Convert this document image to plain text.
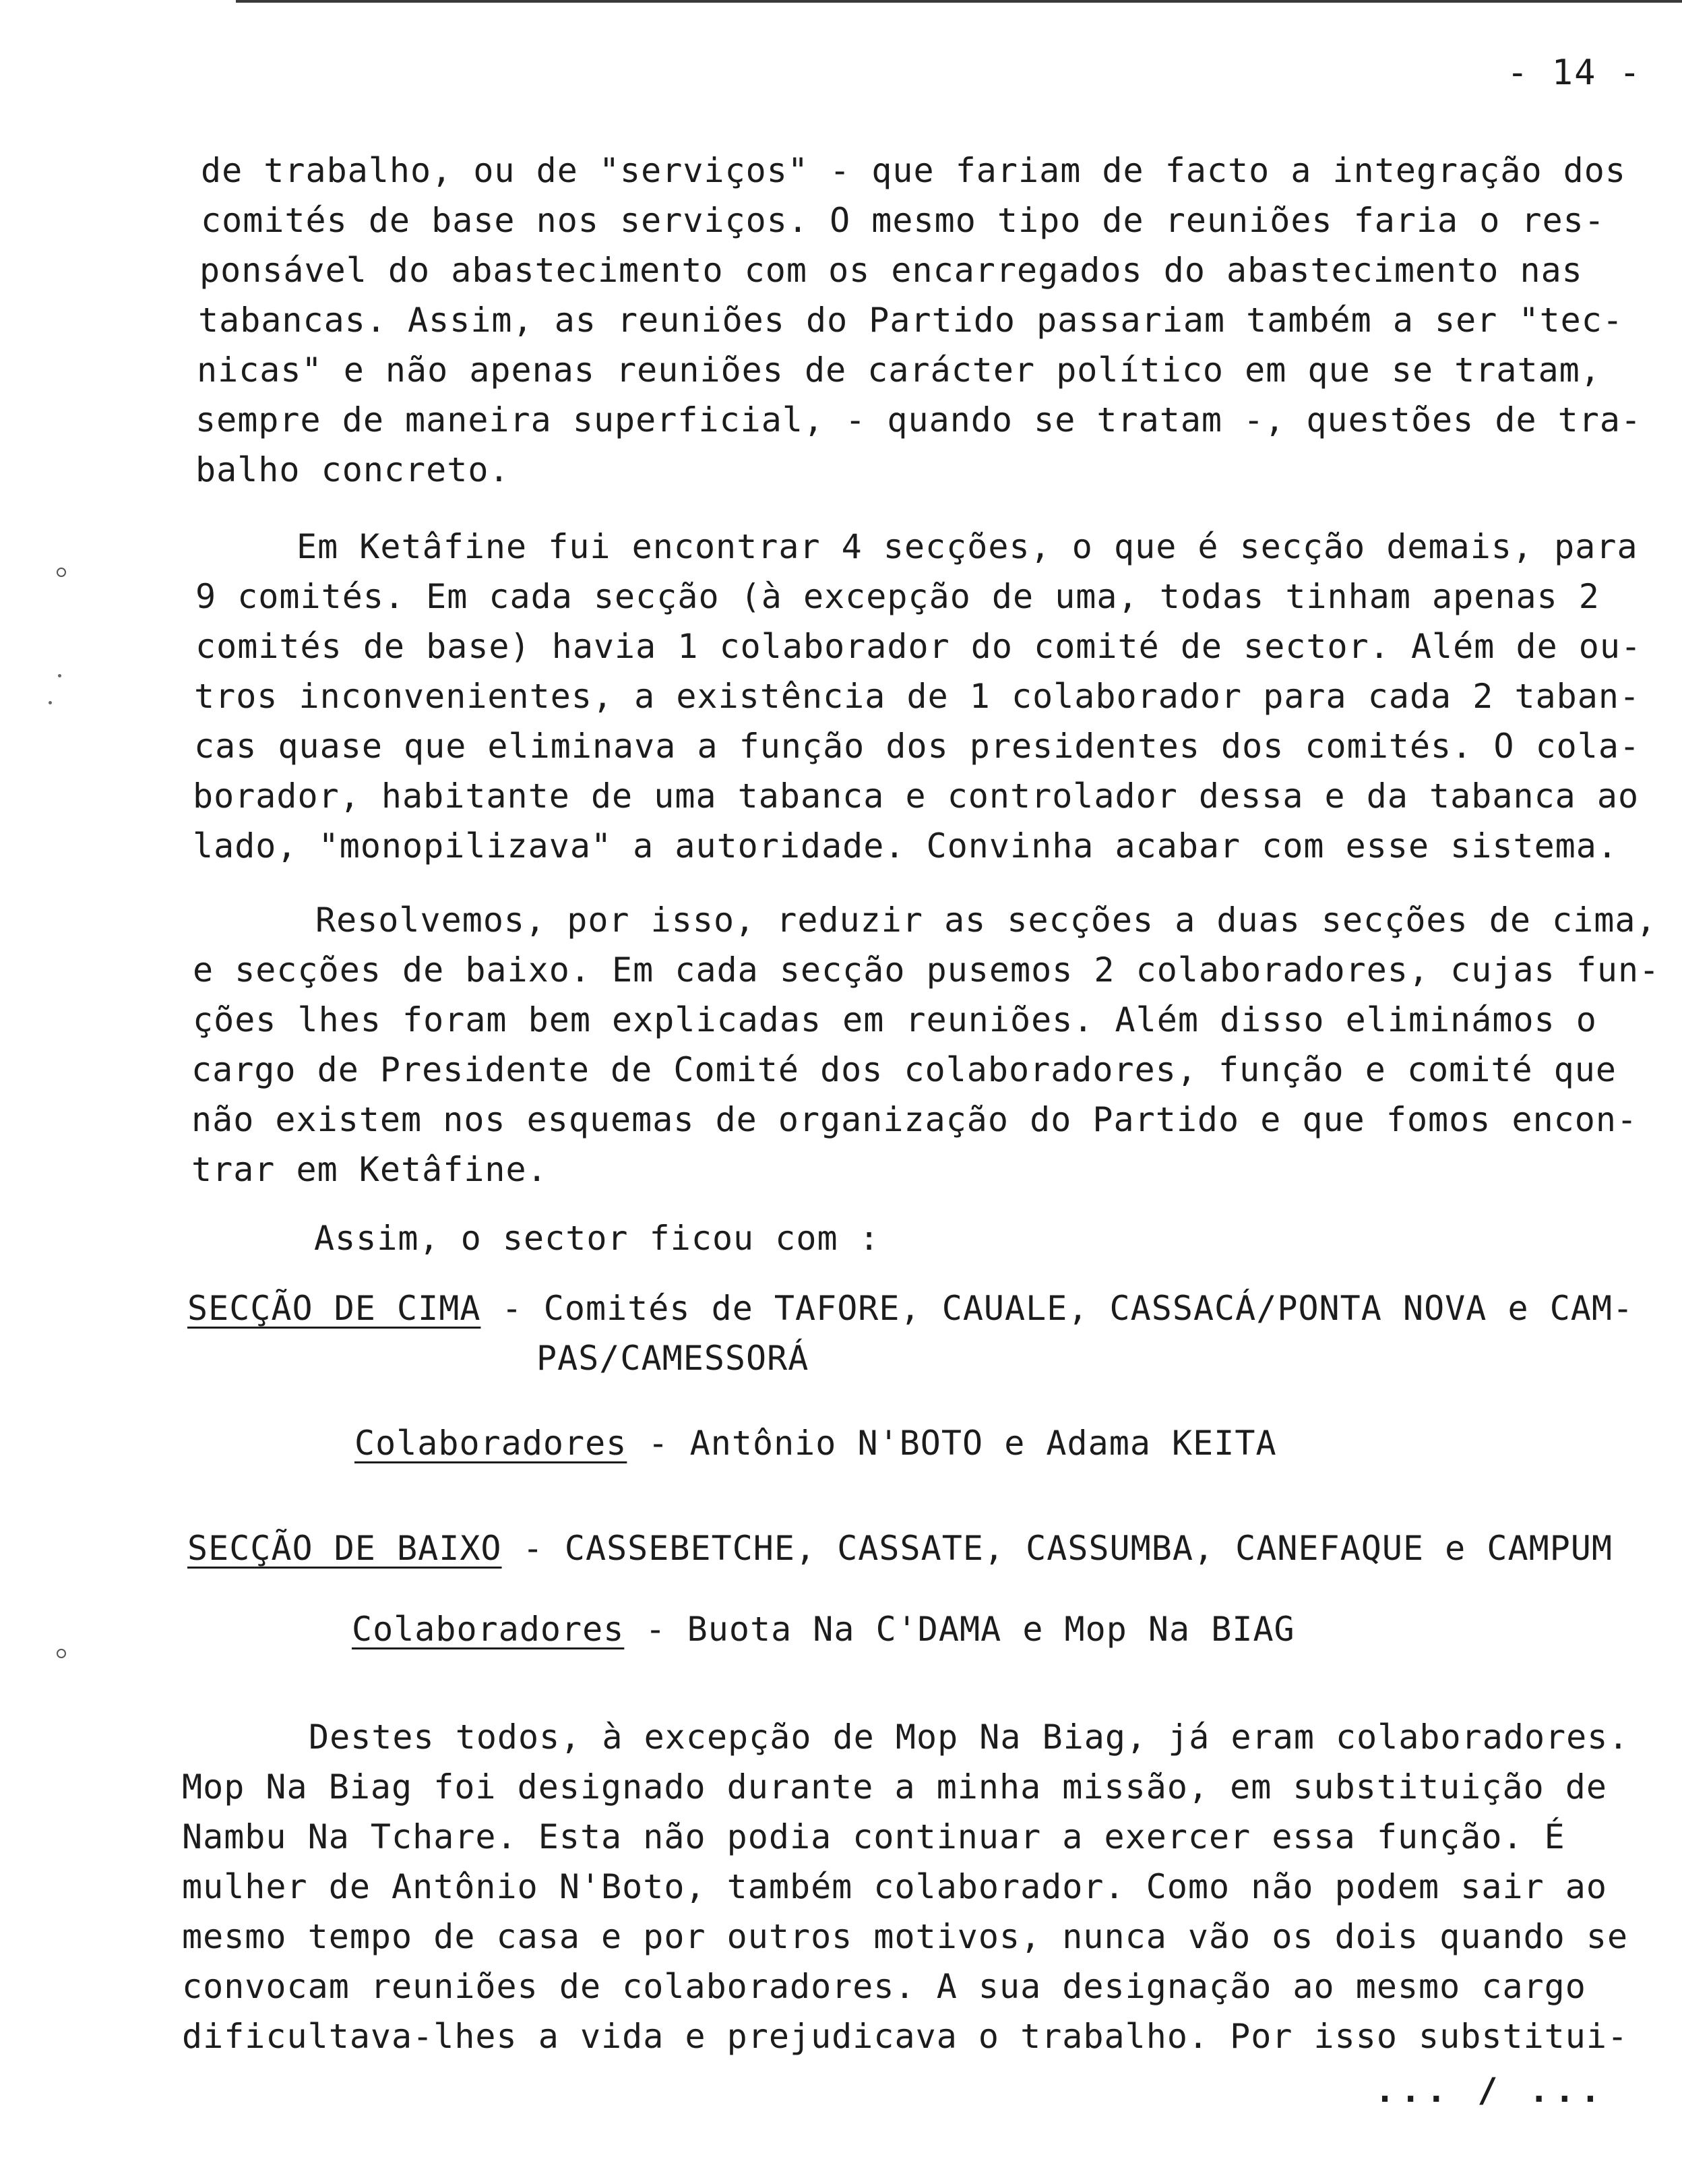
- 14 -
de trabalho, ou de "serviços" - que fariam de facto a integração dos
comités de base nos serviços. O mesmo tipo de reuniões faria o res-
ponsável do abastecimento com os encarregados do abastecimento nas
tabancas. Assim, as reuniões do Partido passariam também a ser "tec-
nicas" e não apenas reuniões de carácter político em que se tratam,
sempre de maneira superficial, - quando se tratam -, questões de tra-
balho concreto.
Em Ketâfine fui encontrar 4 secções, o que é secção demais, para
9 comités. Em cada secção (à excepção de uma, todas tinham apenas 2
comités de base) havia 1 colaborador do comité de sector. Além de ou-
tros inconvenientes, a existência de 1 colaborador para cada 2 taban-
cas quase que eliminava a função dos presidentes dos comités. O cola-
borador, habitante de uma tabanca e controlador dessa e da tabanca ao
lado, "monopilizava" a autoridade. Convinha acabar com esse sistema.
Resolvemos, por isso, reduzir as secções a duas secções de cima,
e secções de baixo. Em cada secção pusemos 2 colaboradores, cujas fun-
ções lhes foram bem explicadas em reuniões. Além disso eliminámos o
cargo de Presidente de Comité dos colaboradores, função e comité que
não existem nos esquemas de organização do Partido e que fomos encon-
trar em Ketâfine.
Assim, o sector ficou com :
SECÇÃO DE CIMA - Comités de TAFORE, CAUALE, CASSACÁ/PONTA NOVA e CAM-
PAS/CAMESSORÁ
Colaboradores - Antônio N'BOTO e Adama KEITA
SECÇÃO DE BAIXO - CASSEBETCHE, CASSATE, CASSUMBA, CANEFAQUE e CAMPUM
Colaboradores - Buota Na C'DAMA e Mop Na BIAG
Destes todos, à excepção de Mop Na Biag, já eram colaboradores.
Mop Na Biag foi designado durante a minha missão, em substituição de
Nambu Na Tchare. Esta não podia continuar a exercer essa função. É
mulher de Antônio N'Boto, também colaborador. Como não podem sair ao
mesmo tempo de casa e por outros motivos, nunca vão os dois quando se
convocam reuniões de colaboradores. A sua designação ao mesmo cargo
dificultava-lhes a vida e prejudicava o trabalho. Por isso substitui-
... / ...
